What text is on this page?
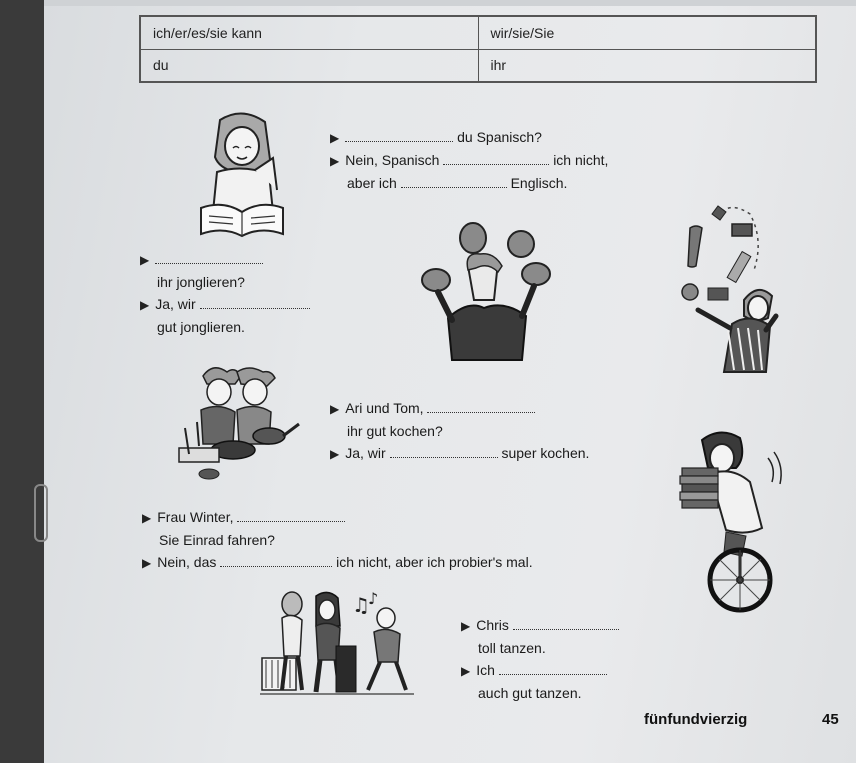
ich/er/es/sie kann	wir/sie/Sie
du	ihr
▶	du Spanisch?
▶ Nein, Spanisch	ich nicht,
aber ich	Englisch.
▶
ihr jonglieren?
▶ Ja, wir
gut jonglieren.
▶ Ari und Tom,
ihr gut kochen?
▶ Ja, wir	super kochen.
▶ Frau Winter,
Sie Einrad fahren?
▶ Nein, das	ich nicht, aber ich probier's mal.
♫
♪
▶ Chris
toll tanzen.
▶ Ich
auch gut tanzen.
fünfundvierzig	45
